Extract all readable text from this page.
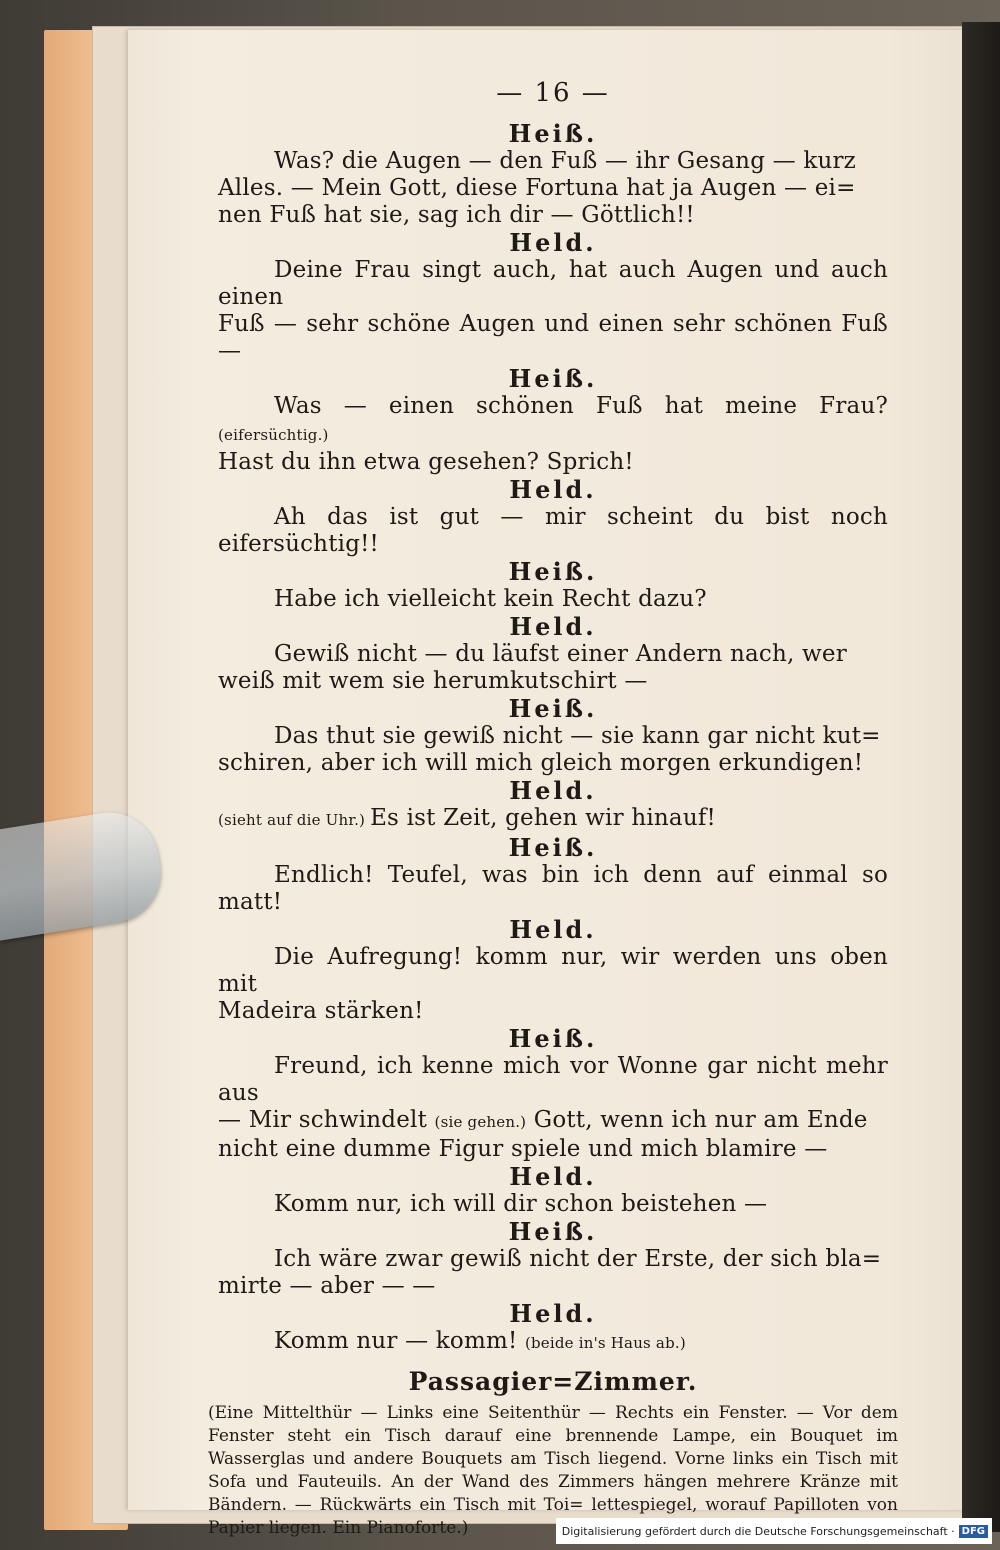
— 16 —

Heiß.

Was? die Augen — den Fuß — ihr Gesang — kurz

Alles. — Mein Gott, diese Fortuna hat ja Augen — ei=

nen Fuß hat sie, sag ich dir — Göttlich!!

Held.

Deine Frau singt auch, hat auch Augen und auch einen

Fuß — sehr schöne Augen und einen sehr schönen Fuß —

Heiß.

Was — einen schönen Fuß hat meine Frau? (eifersüchtig.)

Hast du ihn etwa gesehen? Sprich!

Held.

Ah das ist gut — mir scheint du bist noch eifersüchtig!!

Heiß.

Habe ich vielleicht kein Recht dazu?

Held.

Gewiß nicht — du läufst einer Andern nach, wer

weiß mit wem sie herumkutschirt —

Heiß.

Das thut sie gewiß nicht — sie kann gar nicht kut=

schiren, aber ich will mich gleich morgen erkundigen!

Held.

(sieht auf die Uhr.) Es ist Zeit, gehen wir hinauf!

Heiß.

Endlich! Teufel, was bin ich denn auf einmal so matt!

Held.

Die Aufregung! komm nur, wir werden uns oben mit

Madeira stärken!

Heiß.

Freund, ich kenne mich vor Wonne gar nicht mehr aus

— Mir schwindelt (sie gehen.) Gott, wenn ich nur am Ende

nicht eine dumme Figur spiele und mich blamire —

Held.

Komm nur, ich will dir schon beistehen —

Heiß.

Ich wäre zwar gewiß nicht der Erste, der sich bla=

mirte — aber — —

Held.

Komm nur — komm! (beide in's Haus ab.)

Passagier=Zimmer.

(Eine Mittelthür — Links eine Seitenthür — Rechts ein Fenster. — Vor dem Fenster steht ein Tisch darauf eine brennende Lampe, ein Bouquet im Wasserglas und andere Bouquets am Tisch liegend. Vorne links ein Tisch mit Sofa und Fauteuils. An der Wand des Zimmers hängen mehrere Kränze mit Bändern. — Rückwärts ein Tisch mit Toi= lettespiegel, worauf Papilloten von Papier liegen. Ein Pianoforte.)	Digitalisierung gefördert durch die Deutsche Forschungsgemeinschaft · DFG
